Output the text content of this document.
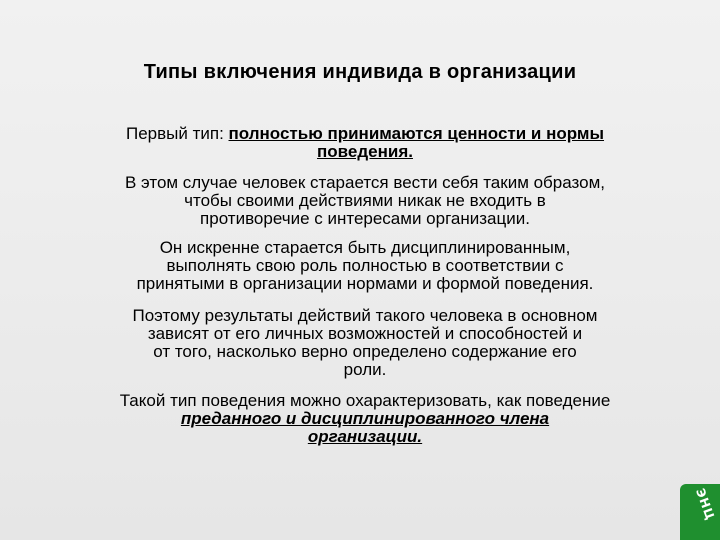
Типы включения индивида в организации
Первый тип: полностью принимаются ценности и нормы
поведения.
В этом случае человек старается вести себя таким образом,
чтобы своими действиями никак не входить в
противоречие с интересами организации.
Он искренне старается быть дисциплинированным,
выполнять свою роль полностью в соответствии с
принятыми в организации нормами и формой поведения.
Поэтому результаты действий такого человека в основном
зависят от его личных возможностей и способностей и
от того, насколько верно определено содержание его
роли.
Такой тип поведения можно охарактеризовать, как поведение
преданного и дисциплинированного члена
организации.
ЭНЦ
